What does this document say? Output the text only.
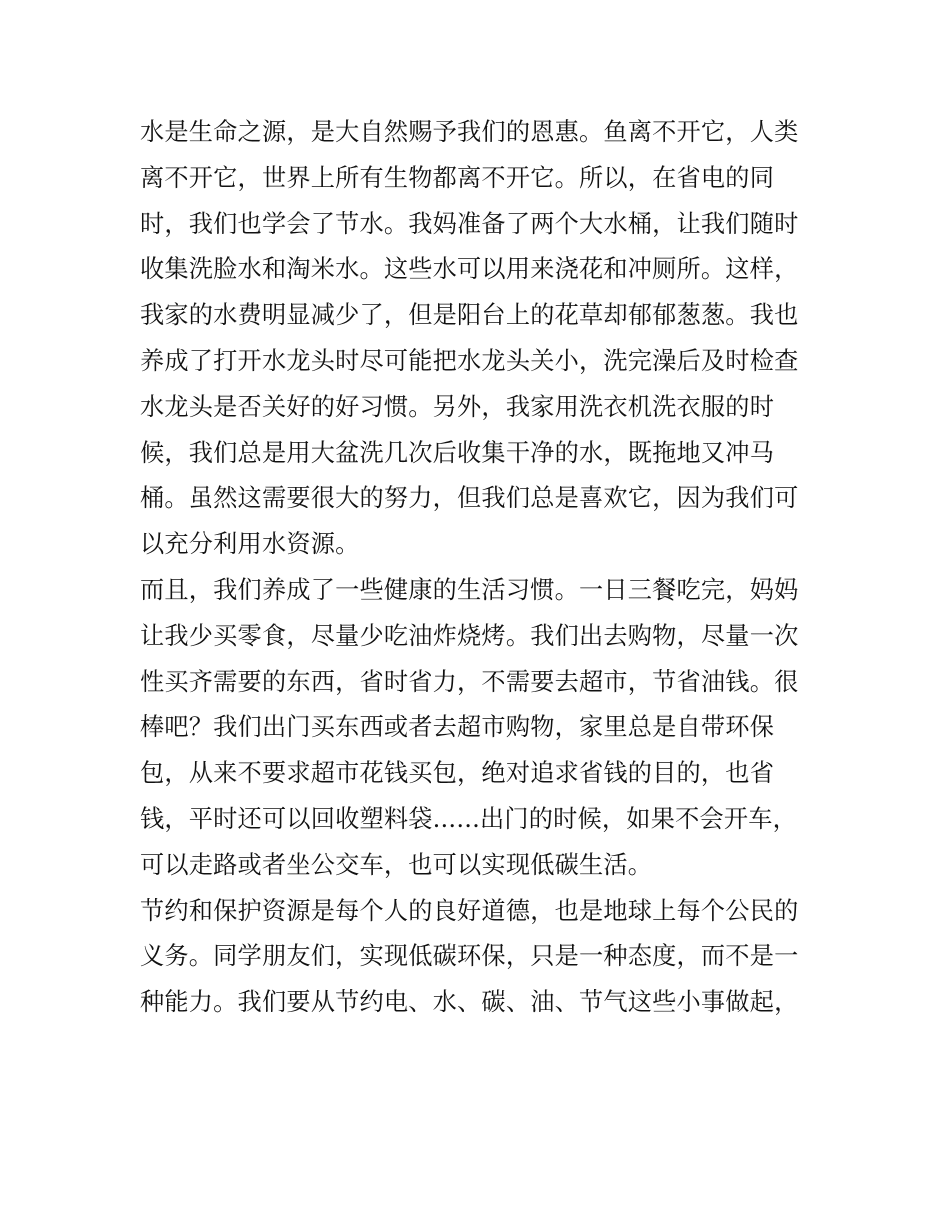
水是生命之源，是大自然赐予我们的恩惠。鱼离不开它，人类
离不开它，世界上所有生物都离不开它。所以，在省电的同
时，我们也学会了节水。我妈准备了两个大水桶，让我们随时
收集洗脸水和淘米水。这些水可以用来浇花和冲厕所。这样，
我家的水费明显减少了，但是阳台上的花草却郁郁葱葱。我也
养成了打开水龙头时尽可能把水龙头关小，洗完澡后及时检查
水龙头是否关好的好习惯。另外，我家用洗衣机洗衣服的时
候，我们总是用大盆洗几次后收集干净的水，既拖地又冲马
桶。虽然这需要很大的努力，但我们总是喜欢它，因为我们可
以充分利用水资源。
而且，我们养成了一些健康的生活习惯。一日三餐吃完，妈妈
让我少买零食，尽量少吃油炸烧烤。我们出去购物，尽量一次
性买齐需要的东西，省时省力，不需要去超市，节省油钱。很
棒吧？我们出门买东西或者去超市购物，家里总是自带环保
包，从来不要求超市花钱买包，绝对追求省钱的目的，也省
钱，平时还可以回收塑料袋......出门的时候，如果不会开车，
可以走路或者坐公交车，也可以实现低碳生活。
节约和保护资源是每个人的良好道德，也是地球上每个公民的
义务。同学朋友们，实现低碳环保，只是一种态度，而不是一
种能力。我们要从节约电、水、碳、油、节气这些小事做起，
